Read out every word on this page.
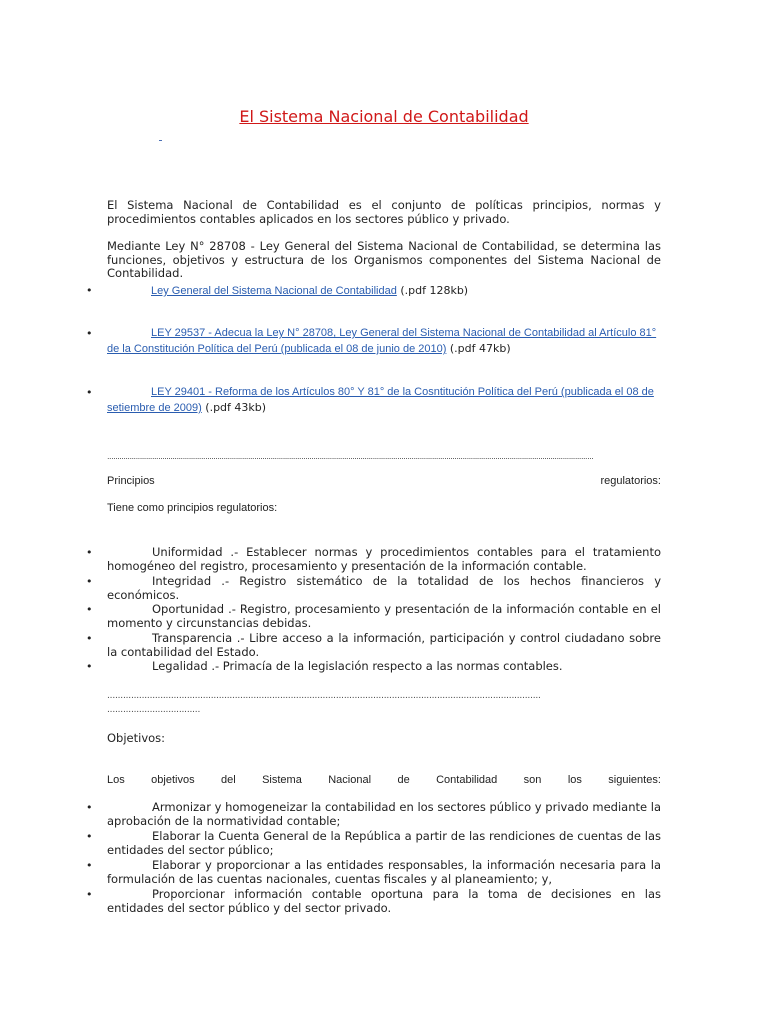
El Sistema Nacional de Contabilidad

El Sistema Nacional de Contabilidad es el conjunto de políticas principios, normas y procedimientos contables aplicados en los sectores público y privado.

Mediante Ley N° 28708 - Ley General del Sistema Nacional de Contabilidad, se determina las funciones, objetivos y estructura de los Organismos componentes del Sistema Nacional de Contabilidad.

•	Ley General del Sistema Nacional de Contabilidad (.pdf 128kb)

•	LEY 29537 - Adecua la Ley N° 28708, Ley General del Sistema Nacional de Contabilidad al Artículo 81° de la Constitución Política del Perú (publicada el 08 de junio de 2010) (.pdf 47kb)

•	LEY 29401 - Reforma de los Artículos 80° Y 81° de la Cosntitución Política del Perú (publicada el 08 de setiembre de 2009) (.pdf 43kb)

..............................................................................................................................................................................................................................................
Principios	regulatorios:
Tiene como principios regulatorios:
•	Uniformidad .- Establecer normas y procedimientos contables para el tratamiento homogéneo del registro, procesamiento y presentación de la información contable.

•	Integridad .- Registro sistemático de la totalidad de los hechos financieros y económicos.

•	Oportunidad .- Registro, procesamiento y presentación de la información contable en el momento y circunstancias debidas.

•	Transparencia .- Libre acceso a la información, participación y control ciudadano sobre la contabilidad del Estado.

•	Legalidad .- Primacía de la legislación respecto a las normas contables.

...................................................................................................................................................................
...................................
Objetivos:
Los objetivos del Sistema Nacional de Contabilidad son los siguientes:
•	Armonizar y homogeneizar la contabilidad en los sectores público y privado mediante la aprobación de la normatividad contable;

•	Elaborar la Cuenta General de la República a partir de las rendiciones de cuentas de las entidades del sector público;

•	Elaborar y proporcionar a las entidades responsables, la información necesaria para la formulación de las cuentas nacionales, cuentas fiscales y al planeamiento; y,

•	Proporcionar información contable oportuna para la toma de decisiones en las entidades del sector público y del sector privado.
